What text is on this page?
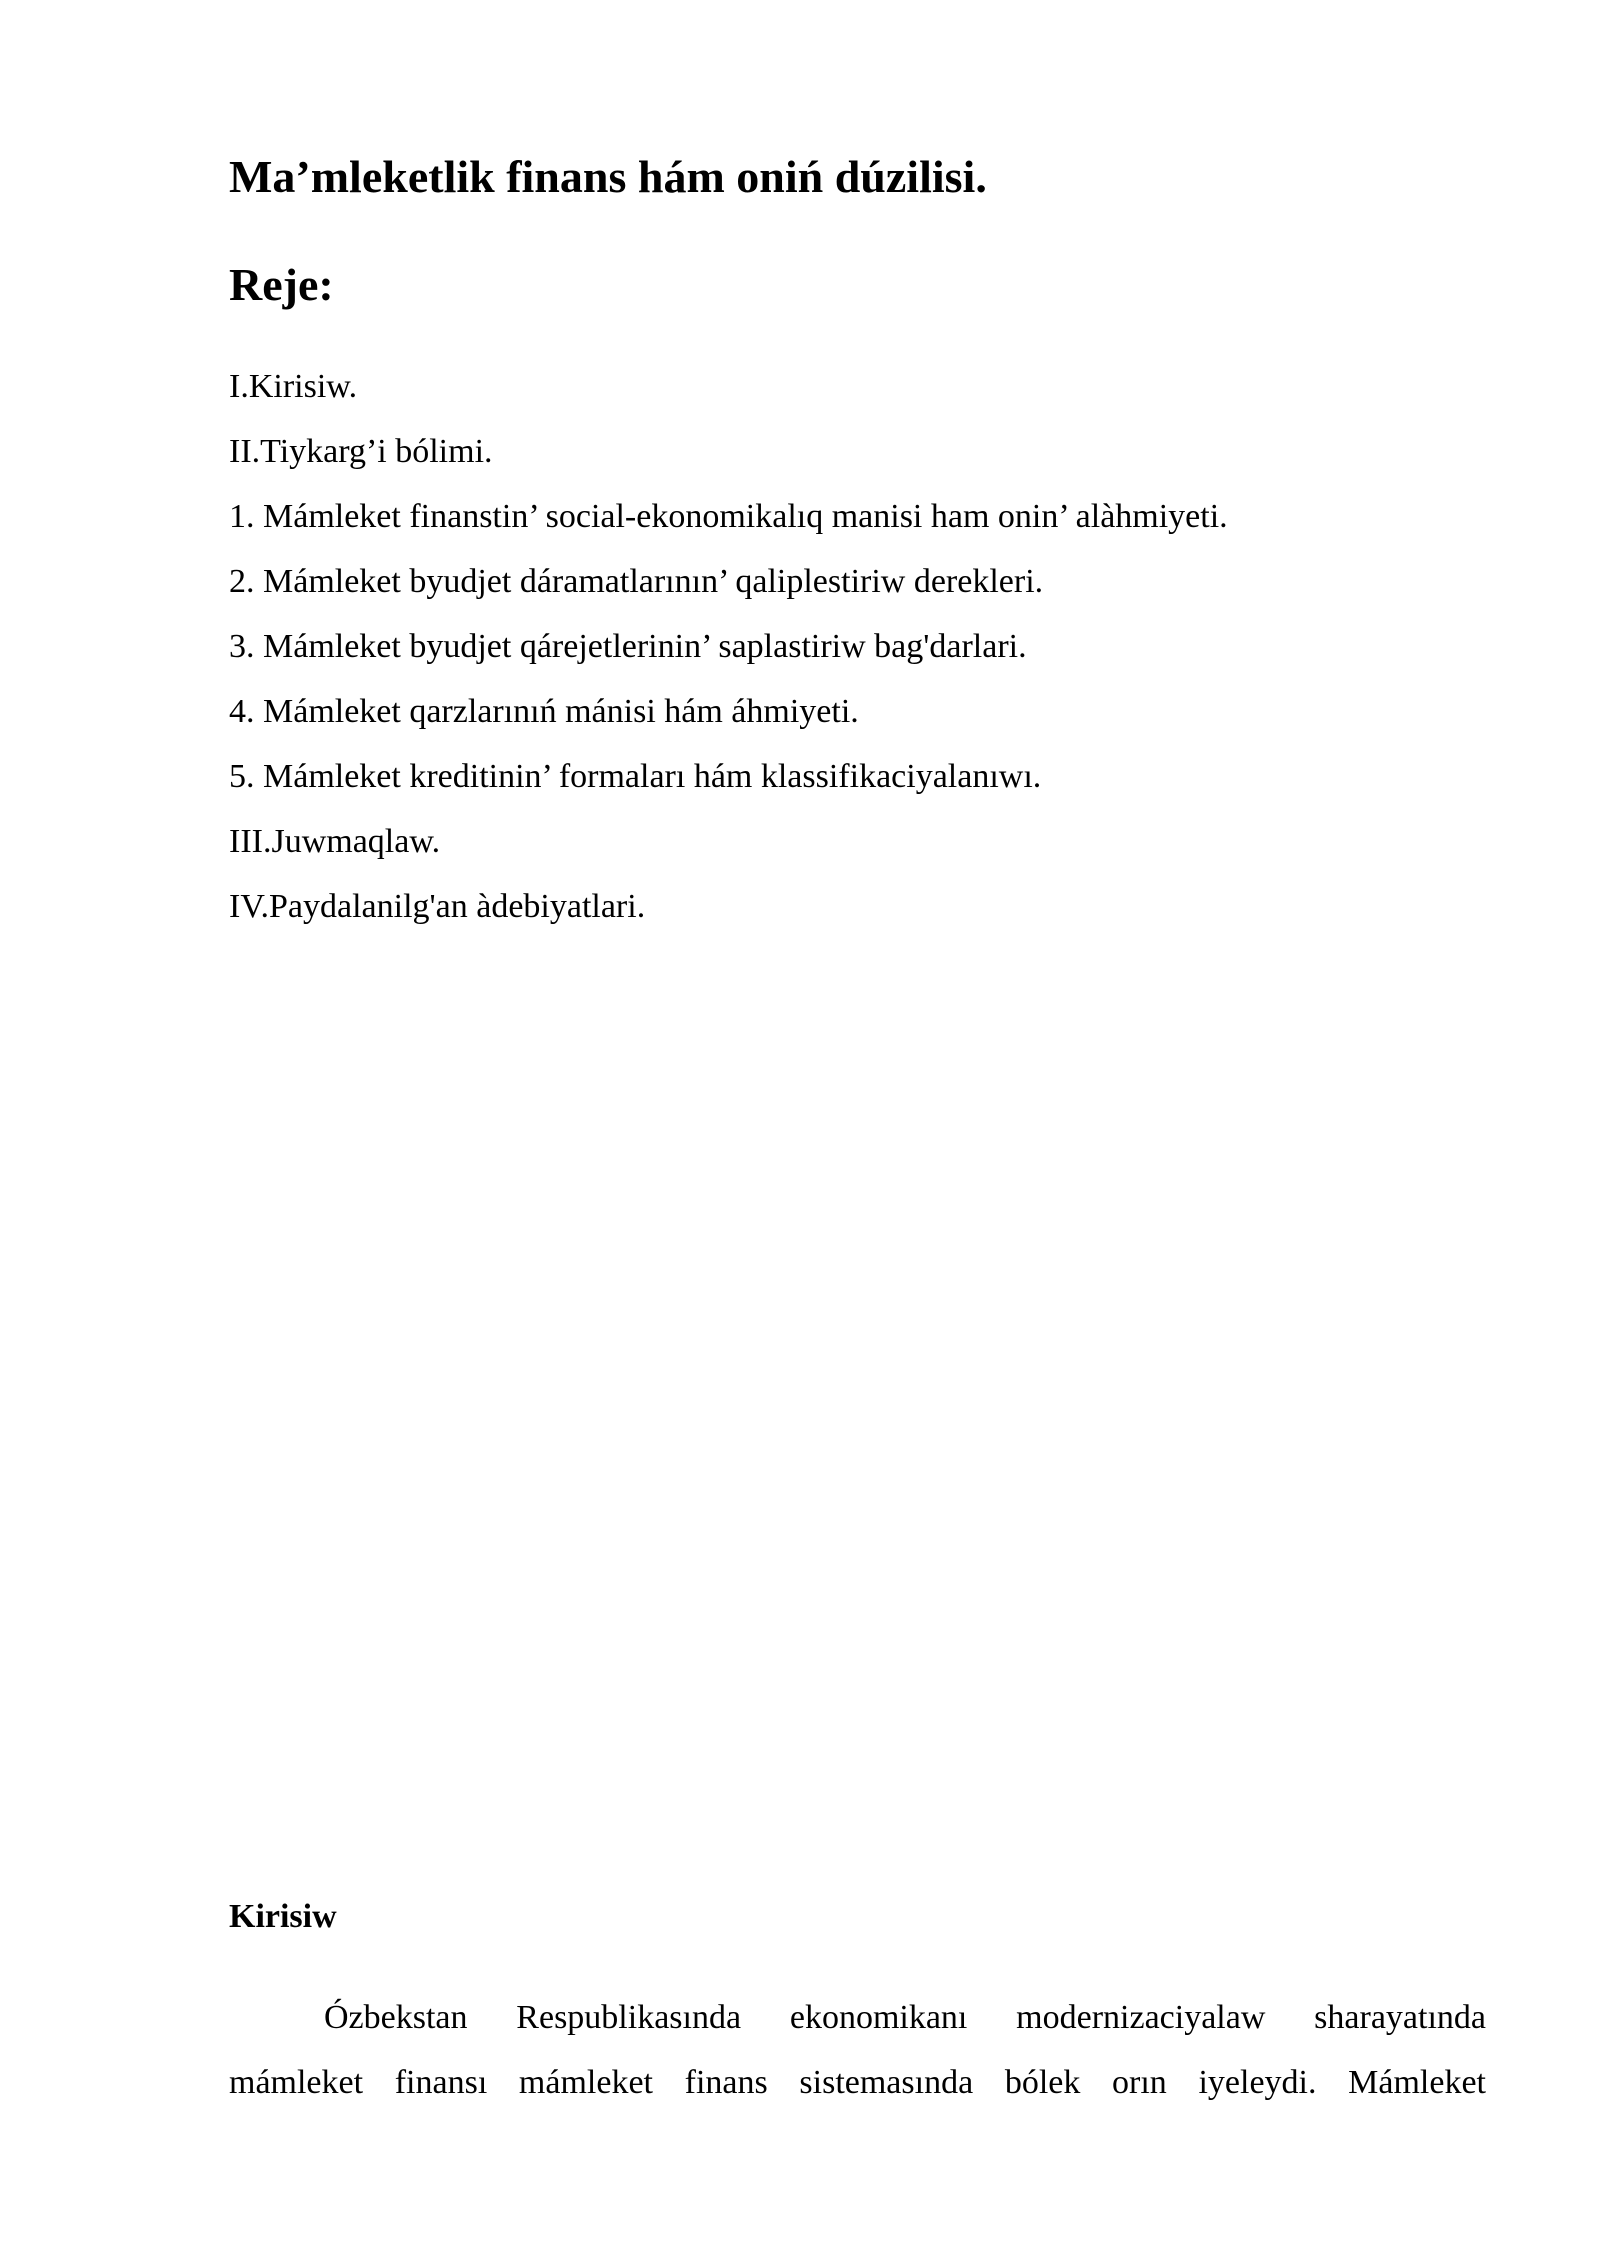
Ma’mleketlik finans hám oniń dúzilisi.
Reje:
I.Kirisiw.
II.Tiykarg’i bólimi.
1. Mámleket finanstin’ social-ekonomikalıq manisi ham onin’ alàhmiyeti.
2. Mámleket byudjet dáramatlarının’ qaliplestiriw derekleri.
3. Mámleket byudjet qárejetlerinin’ saplastiriw bag'darlari.
4. Mámleket qarzlarınıń mánisi hám áhmiyeti.
5. Mámleket kreditinin’ formaları hám klassifikaciyalanıwı.
III.Juwmaqlaw.
IV.Paydalanilg'an àdebiyatlari.
Kirisiw

Ózbekstan Respublikasında ekonomikanı modernizaciyalaw sharayatında
mámleket finansı mámleket finans sistemasında bólek orın iyeleydi. Mámleket
